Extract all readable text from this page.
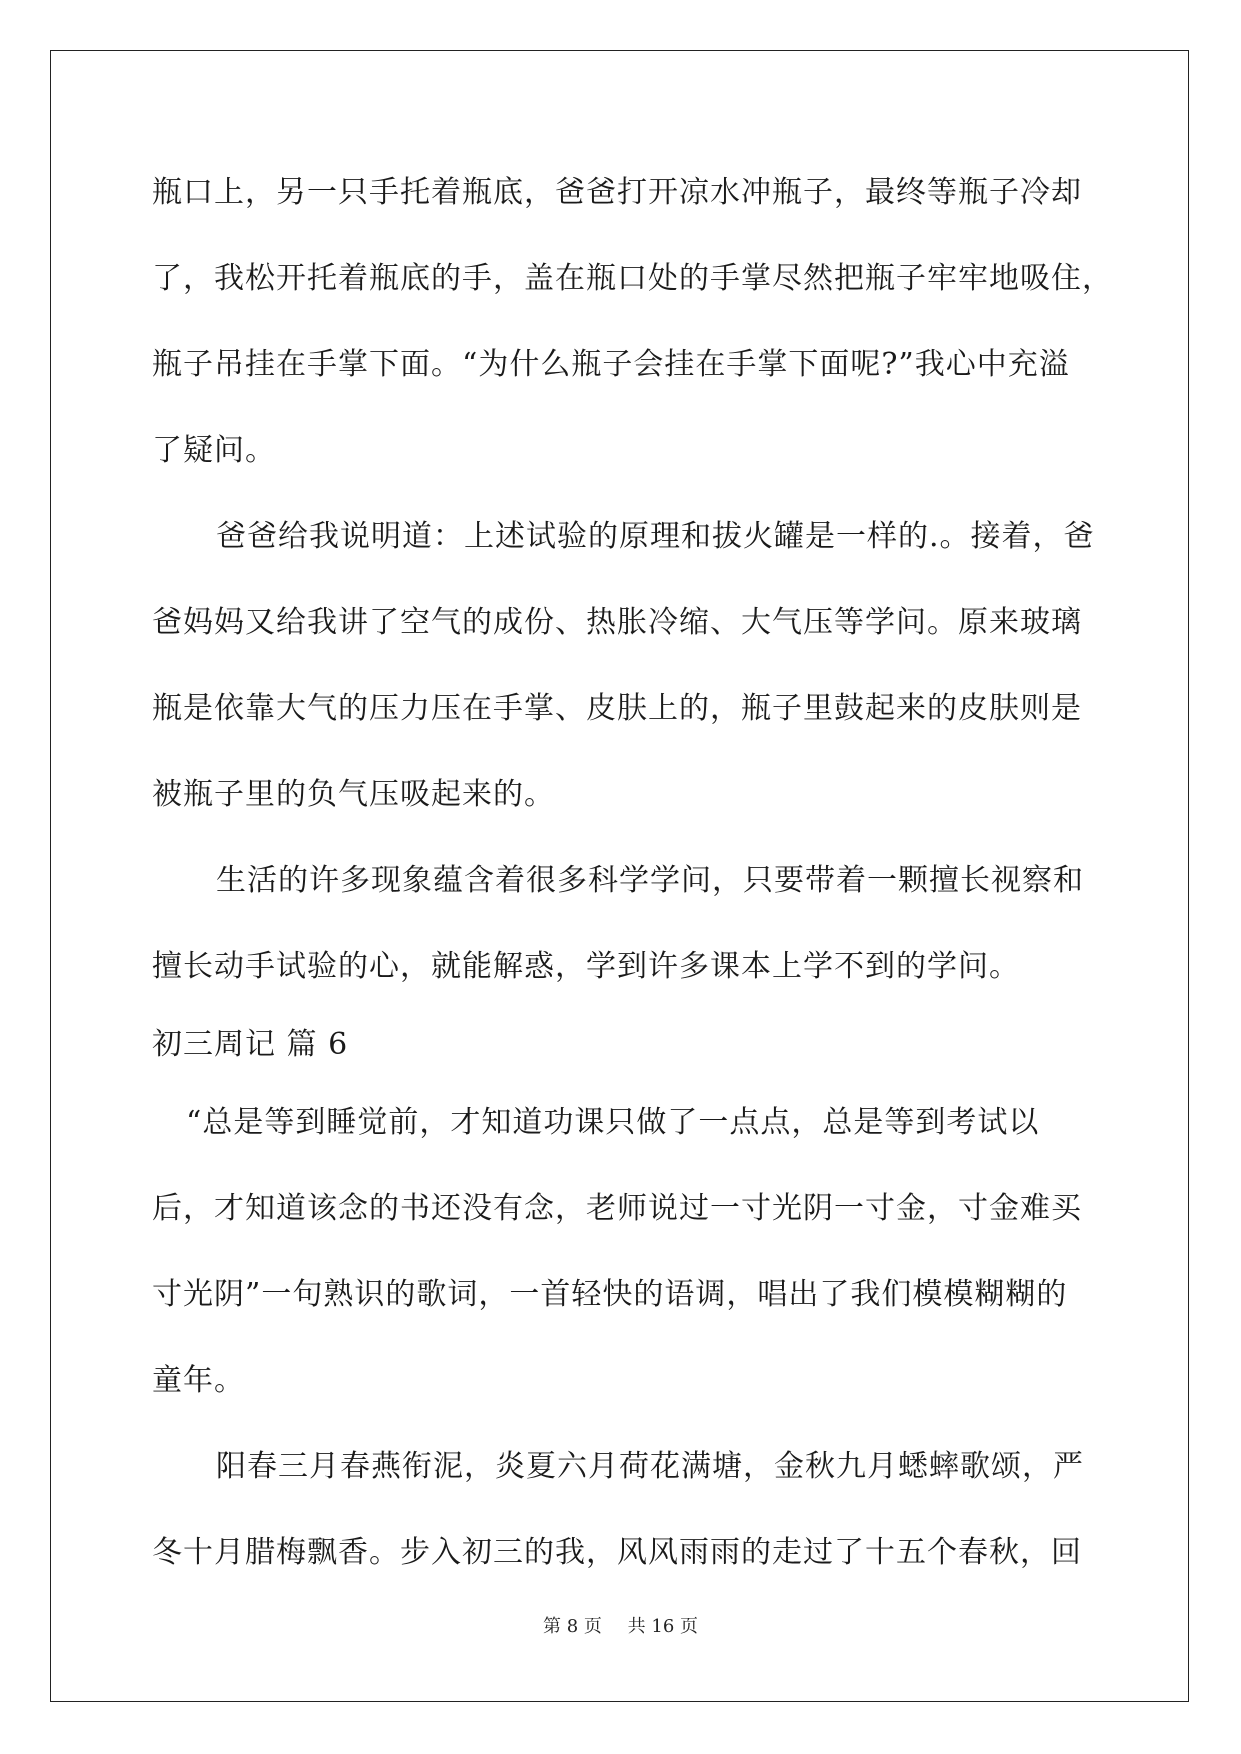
瓶口上，另一只手托着瓶底，爸爸打开凉水冲瓶子，最终等瓶子冷却
了，我松开托着瓶底的手，盖在瓶口处的手掌尽然把瓶子牢牢地吸住，
瓶子吊挂在手掌下面。“为什么瓶子会挂在手掌下面呢?”我心中充溢
了疑问。
爸爸给我说明道：上述试验的原理和拔火罐是一样的.。接着，爸
爸妈妈又给我讲了空气的成份、热胀冷缩、大气压等学问。原来玻璃
瓶是依靠大气的压力压在手掌、皮肤上的，瓶子里鼓起来的皮肤则是
被瓶子里的负气压吸起来的。
生活的许多现象蕴含着很多科学学问，只要带着一颗擅长视察和
擅长动手试验的心，就能解惑，学到许多课本上学不到的学问。
初三周记 篇 6
“总是等到睡觉前，才知道功课只做了一点点，总是等到考试以
后，才知道该念的书还没有念，老师说过一寸光阴一寸金，寸金难买
寸光阴”一句熟识的歌词，一首轻快的语调，唱出了我们模模糊糊的
童年。
阳春三月春燕衔泥，炎夏六月荷花满塘，金秋九月蟋蟀歌颂，严
冬十月腊梅飘香。步入初三的我，风风雨雨的走过了十五个春秋，回
第 8 页 共 16 页
